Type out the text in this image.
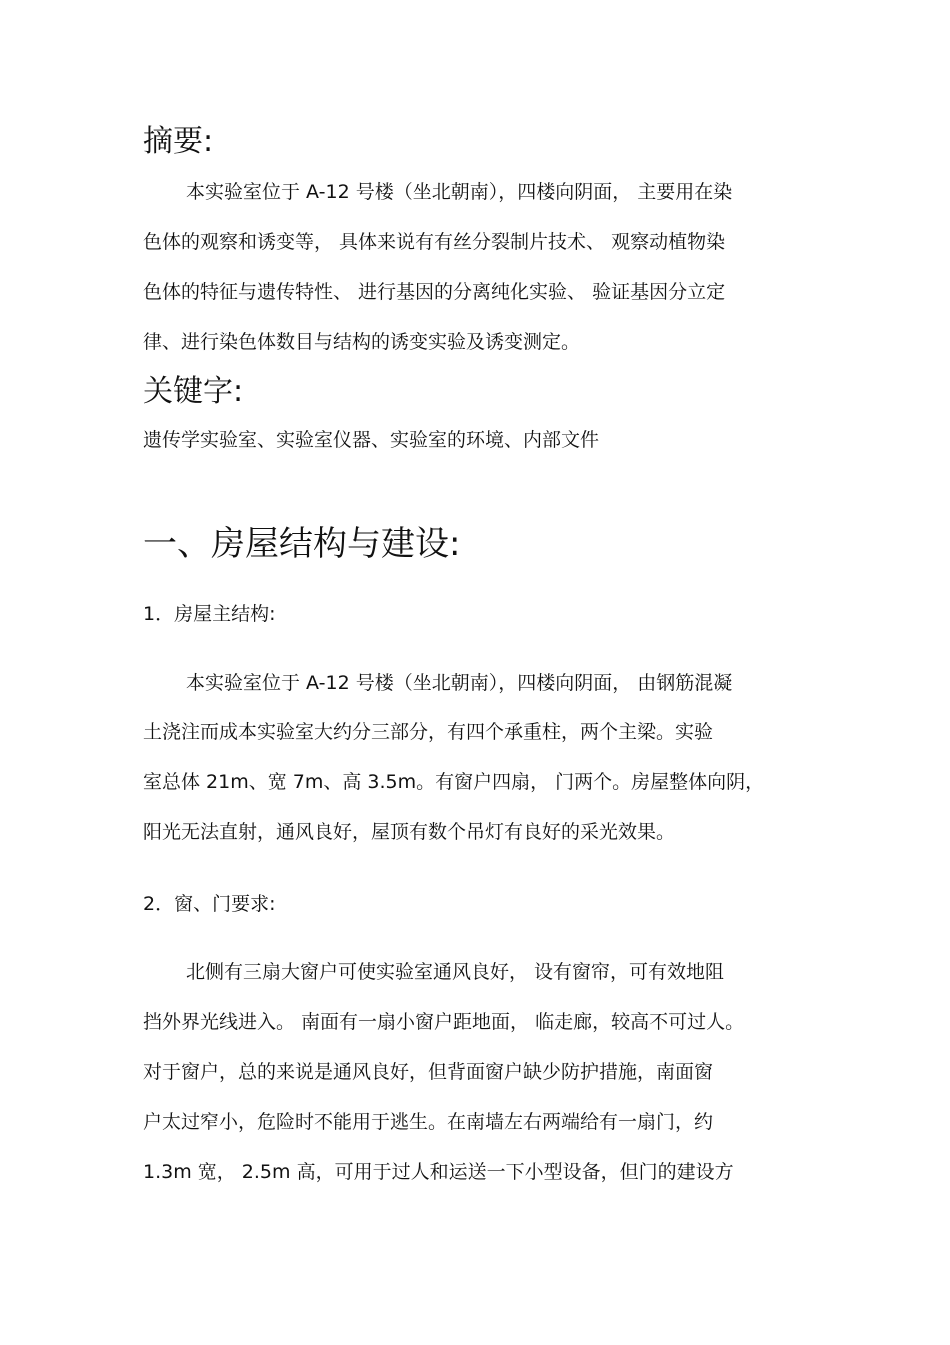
摘要:
本实验室位于 A-12 号楼（坐北朝南），四楼向阴面， 主要用在染
色体的观察和诱变等， 具体来说有有丝分裂制片技术、 观察动植物染
色体的特征与遗传特性、 进行基因的分离纯化实验、 验证基因分立定
律、进行染色体数目与结构的诱变实验及诱变测定。
关键字:
遗传学实验室、实验室仪器、实验室的环境、内部文件
一、房屋结构与建设:
1．房屋主结构:
本实验室位于 A-12 号楼（坐北朝南），四楼向阴面， 由钢筋混凝
土浇注而成本实验室大约分三部分，有四个承重柱，两个主梁。实验
室总体 21m、宽 7m、高 3.5m。有窗户四扇， 门两个。房屋整体向阴，
阳光无法直射，通风良好，屋顶有数个吊灯有良好的采光效果。
2．窗、门要求:
北侧有三扇大窗户可使实验室通风良好， 设有窗帘，可有效地阻
挡外界光线进入。 南面有一扇小窗户距地面， 临走廊，较高不可过人。
对于窗户，总的来说是通风良好，但背面窗户缺少防护措施，南面窗
户太过窄小，危险时不能用于逃生。在南墙左右两端给有一扇门，约
1.3m 宽， 2.5m 高，可用于过人和运送一下小型设备，但门的建设方
